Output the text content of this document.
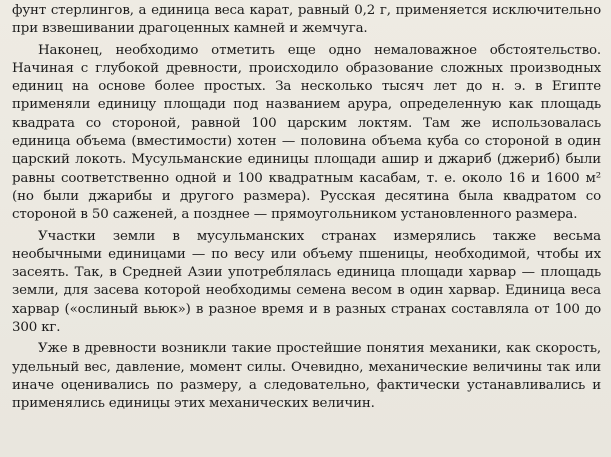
фунт стерлингов, а единица веса карат, равный 0,2 г, применяется исключительно при взвешивании драгоценных камней и жемчуга.

Наконец, необходимо отметить еще одно немаловажное обстоятельство. Начиная с глубокой древности, происходило образование сложных производных единиц на основе более простых. За несколько тысяч лет до н. э. в Египте применяли единицу площади под названием арура, определенную как площадь квадрата со стороной, равной 100 царским локтям. Там же использовалась единица объема (вместимости) хотен — половина объема куба со стороной в один царский локоть. Мусульманские единицы площади ашир и джариб (джериб) были равны соответственно одной и 100 квадратным касабам, т. е. около 16 и 1600 м² (но были джарибы и другого размера). Русская десятина была квадратом со стороной в 50 саженей, а позднее — прямоугольником установленного размера.

Участки земли в мусульманских странах измерялись также весьма необычными единицами — по весу или объему пшеницы, необходимой, чтобы их засеять. Так, в Средней Азии употреблялась единица площади харвар — площадь земли, для засева которой необходимы семена весом в один харвар. Единица веса харвар («ослиный вьюк») в разное время и в разных странах составляла от 100 до 300 кг.

Уже в древности возникли такие простейшие понятия механики, как скорость, удельный вес, давление, момент силы. Очевидно, механические величины так или иначе оценивались по размеру, а следовательно, фактически устанавливались и применялись единицы этих механических величин.
